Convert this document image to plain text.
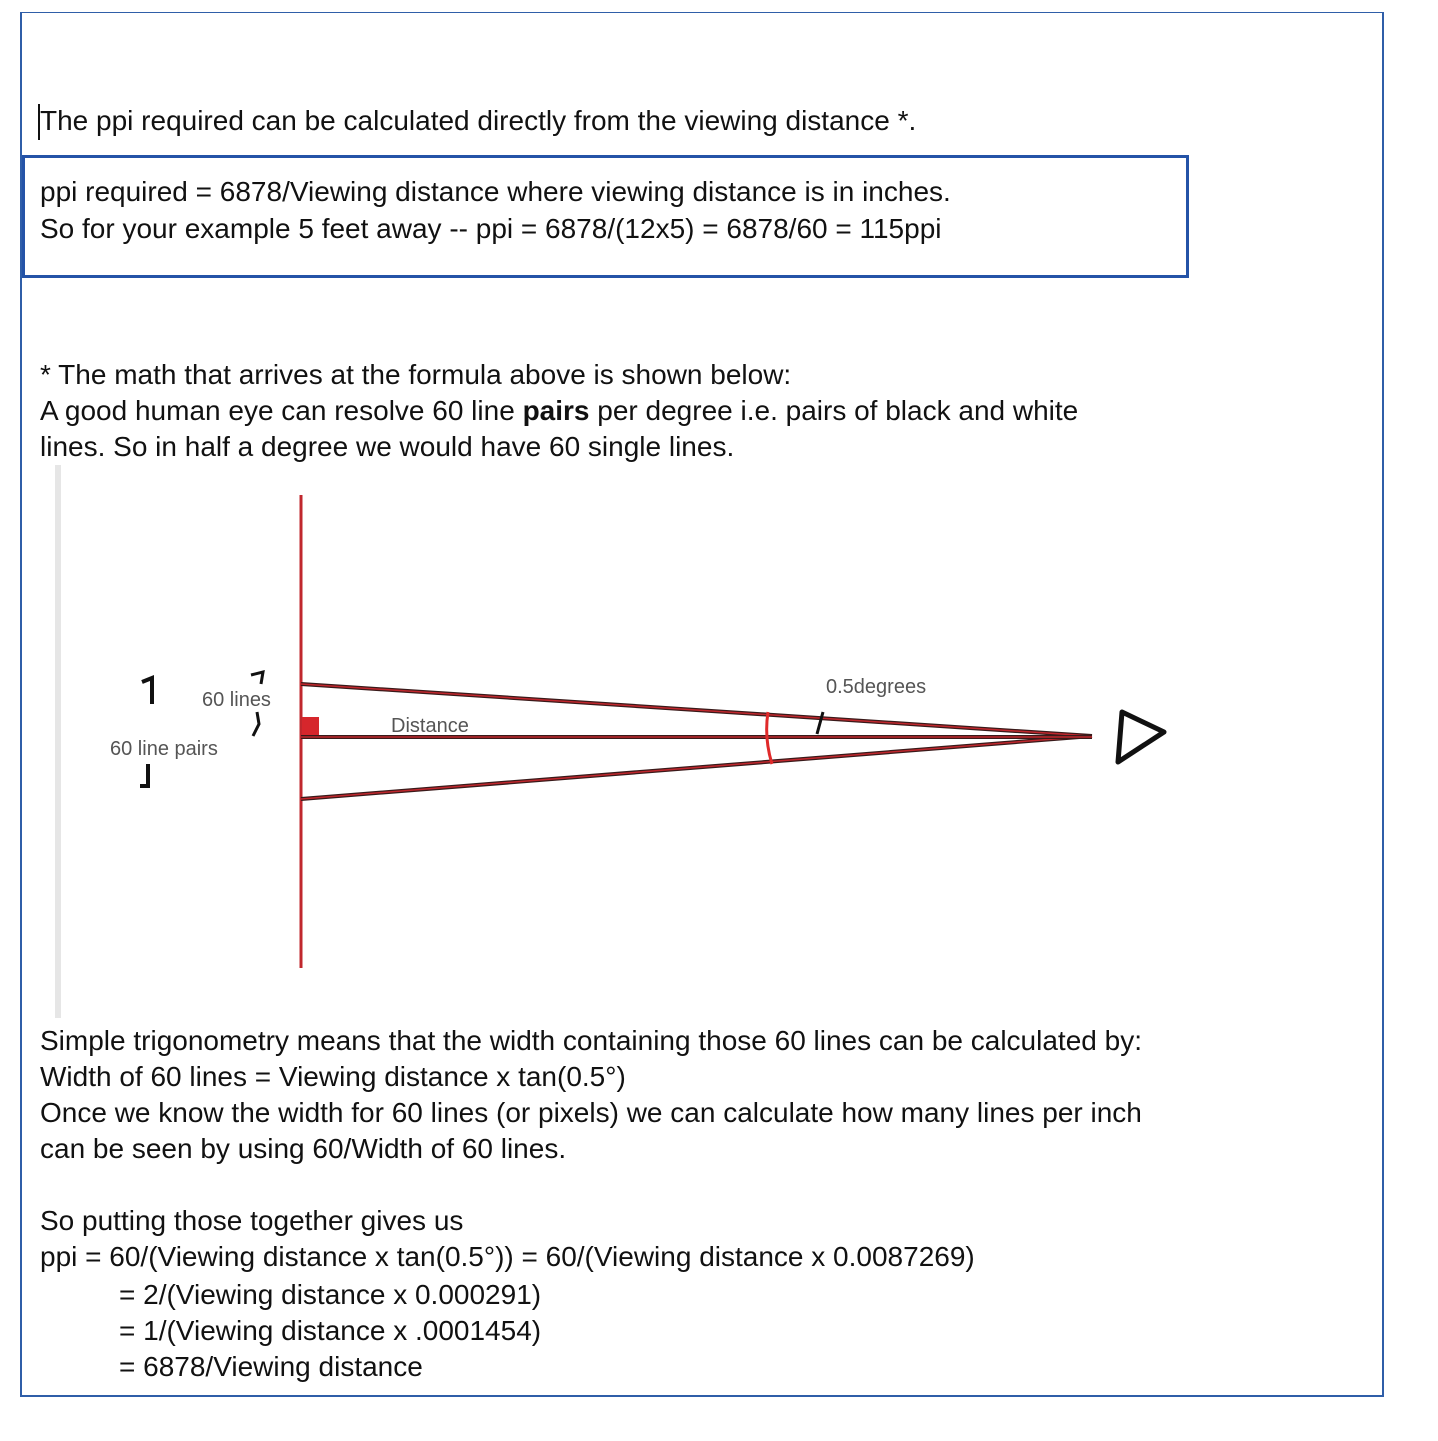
The ppi required can be calculated directly from the viewing distance *.
ppi required = 6878/Viewing distance where viewing distance is in inches.
So for your example 5 feet away -- ppi = 6878/(12x5) = 6878/60 = 115ppi
* The math that arrives at the formula above is shown below:
A good human eye can resolve 60 line pairs per degree i.e. pairs of black and white
lines. So in half a degree we would have 60 single lines.
60 lines
60 line pairs
Distance
0.5degrees
Simple trigonometry means that the width containing those 60 lines can be calculated by:
Width of 60 lines = Viewing distance x tan(0.5°)
Once we know the width for 60 lines (or pixels) we can calculate how many lines per inch
can be seen by using 60/Width of 60 lines.
So putting those together gives us
ppi = 60/(Viewing distance x tan(0.5°)) = 60/(Viewing distance x 0.0087269)
= 2/(Viewing distance x 0.000291)
= 1/(Viewing distance x .0001454)
= 6878/Viewing distance
